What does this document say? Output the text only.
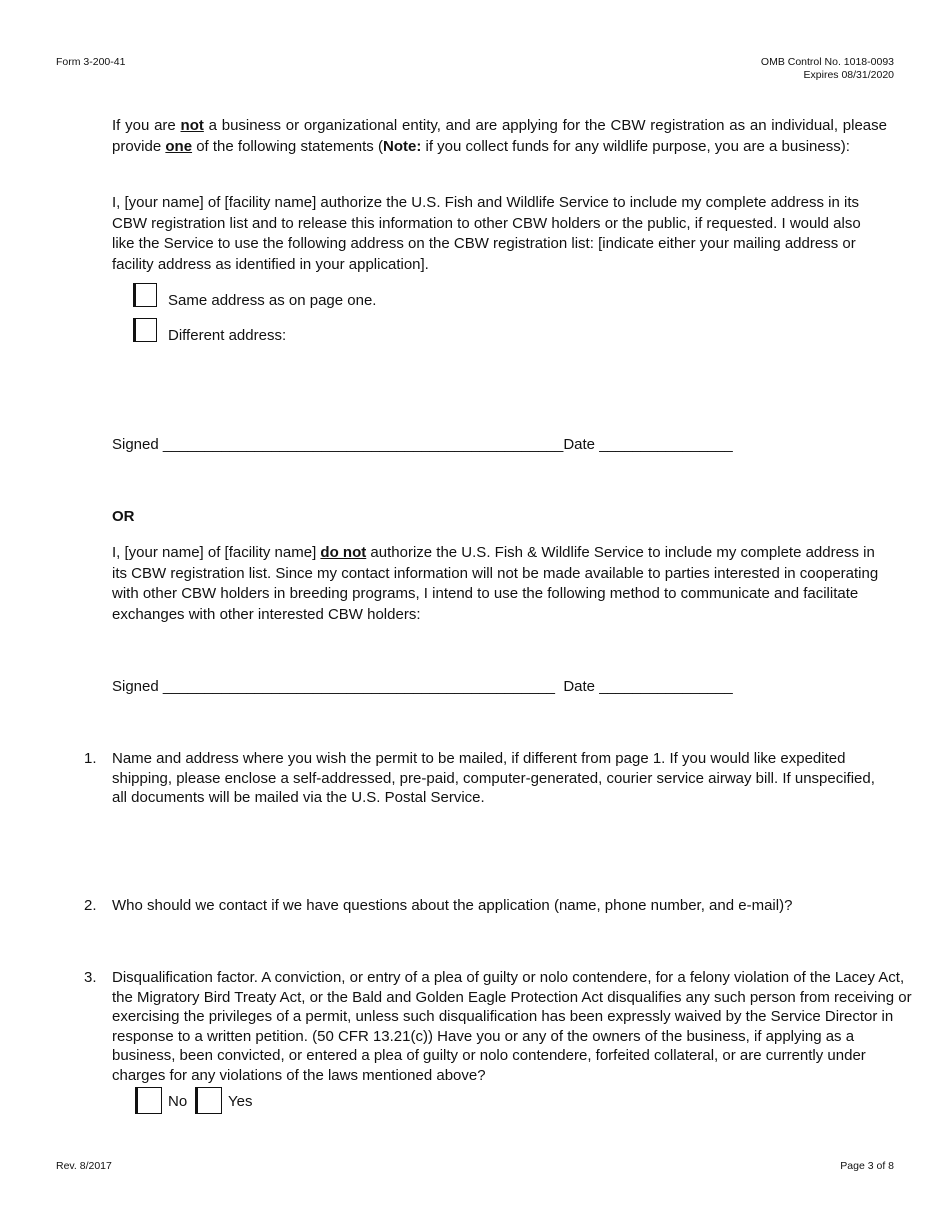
Form 3-200-41	OMB Control No. 1018-0093
Expires 08/31/2020
If you are not a business or organizational entity, and are applying for the CBW registration as an individual, please provide one of the following statements (Note: if you collect funds for any wildlife purpose, you are a business):
I, [your name] of [facility name] authorize the U.S. Fish and Wildlife Service to include my complete address in its CBW registration list and to release this information to other CBW holders or the public, if requested. I would also like the Service to use the following address on the CBW registration list: [indicate either your mailing address or facility address as identified in your application].
Same address as on page one.
Different address:
Signed ________________________________________________Date ________________
OR
I, [your name] of [facility name] do not authorize the U.S. Fish & Wildlife Service to include my complete address in its CBW registration list. Since my contact information will not be made available to parties interested in cooperating with other CBW holders in breeding programs, I intend to use the following method to communicate and facilitate exchanges with other interested CBW holders:
Signed _______________________________________________ Date ________________
1. Name and address where you wish the permit to be mailed, if different from page 1. If you would like expedited shipping, please enclose a self-addressed, pre-paid, computer-generated, courier service airway bill. If unspecified, all documents will be mailed via the U.S. Postal Service.
2. Who should we contact if we have questions about the application (name, phone number, and e-mail)?
3. Disqualification factor. A conviction, or entry of a plea of guilty or nolo contendere, for a felony violation of the Lacey Act, the Migratory Bird Treaty Act, or the Bald and Golden Eagle Protection Act disqualifies any such person from receiving or exercising the privileges of a permit, unless such disqualification has been expressly waived by the Service Director in response to a written petition. (50 CFR 13.21(c)) Have you or any of the owners of the business, if applying as a business, been convicted, or entered a plea of guilty or nolo contendere, forfeited collateral, or are currently under charges for any violations of the laws mentioned above?
No	Yes
Rev. 8/2017	Page 3 of 8
